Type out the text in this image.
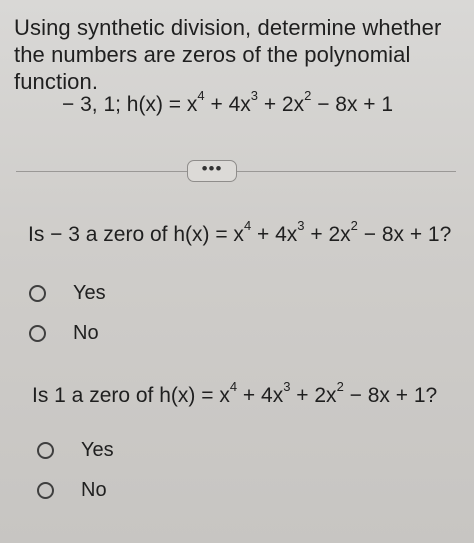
Using synthetic division, determine whether the numbers are zeros of the polynomial function.
− 3, 1; $h(x) = x^4 + 4x^3 + 2x^2 - 8x + 1$
•••
Is − 3 a zero of $h(x) = x^4 + 4x^3 + 2x^2 - 8x + 1$?
Yes
No
Is 1 a zero of $h(x) = x^4 + 4x^3 + 2x^2 - 8x + 1$?
Yes
No
